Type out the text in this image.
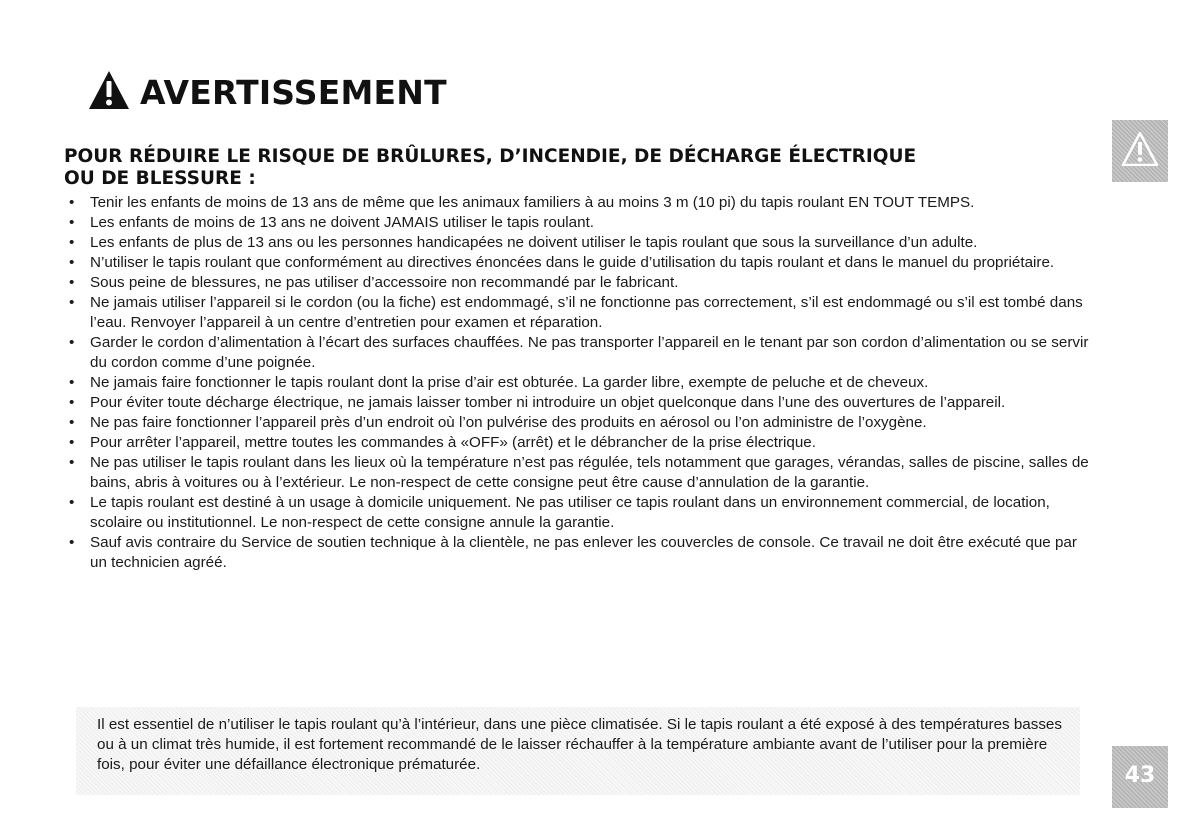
AVERTISSEMENT
43
POUR RÉDUIRE LE RISQUE DE BRÛLURES, D’INCENDIE, DE DÉCHARGE ÉLECTRIQUE
OU DE BLESSURE :
• Tenir les enfants de moins de 13 ans de même que les animaux familiers à au moins 3 m (10 pi) du tapis roulant EN TOUT TEMPS.
• Les enfants de moins de 13 ans ne doivent JAMAIS utiliser le tapis roulant.
• Les enfants de plus de 13 ans ou les personnes handicapées ne doivent utiliser le tapis roulant que sous la surveillance d’un adulte.
• N’utiliser le tapis roulant que conformément au directives énoncées dans le guide d’utilisation du tapis roulant et dans le manuel du propriétaire.
• Sous peine de blessures, ne pas utiliser d’accessoire non recommandé par le fabricant.
• Ne jamais utiliser l’appareil si le cordon (ou la fiche) est endommagé, s’il ne fonctionne pas correctement, s’il est endommagé ou s’il est tombé dans l’eau. Renvoyer l’appareil à un centre d’entretien pour examen et réparation.
• Garder le cordon d’alimentation à l’écart des surfaces chauffées. Ne pas transporter l’appareil en le tenant par son cordon d’alimentation ou se servir du cordon comme d’une poignée.
• Ne jamais faire fonctionner le tapis roulant dont la prise d’air est obturée. La garder libre, exempte de peluche et de cheveux.
• Pour éviter toute décharge électrique, ne jamais laisser tomber ni introduire un objet quelconque dans l’une des ouvertures de l’appareil.
• Ne pas faire fonctionner l’appareil près d’un endroit où l’on pulvérise des produits en aérosol ou l’on administre de l’oxygène.
• Pour arrêter l’appareil, mettre toutes les commandes à «OFF» (arrêt) et le débrancher de la prise électrique.
• Ne pas utiliser le tapis roulant dans les lieux où la température n’est pas régulée, tels notamment que garages, vérandas, salles de piscine, salles de bains, abris à voitures ou à l’extérieur. Le non-respect de cette consigne peut être cause d’annulation de la garantie.
• Le tapis roulant est destiné à un usage à domicile uniquement. Ne pas utiliser ce tapis roulant dans un environnement commercial, de location, scolaire ou institutionnel. Le non-respect de cette consigne annule la garantie.
• Sauf avis contraire du Service de soutien technique à la clientèle, ne pas enlever les couvercles de console. Ce travail ne doit être exécuté que par un technicien agréé.

Il est essentiel de n’utiliser le tapis roulant qu’à l’intérieur, dans une pièce climatisée. Si le tapis roulant a été exposé à des températures basses ou à un climat très humide, il est fortement recommandé de le laisser réchauffer à la température ambiante avant de l’utiliser pour la première fois, pour éviter une défaillance électronique prématurée.
